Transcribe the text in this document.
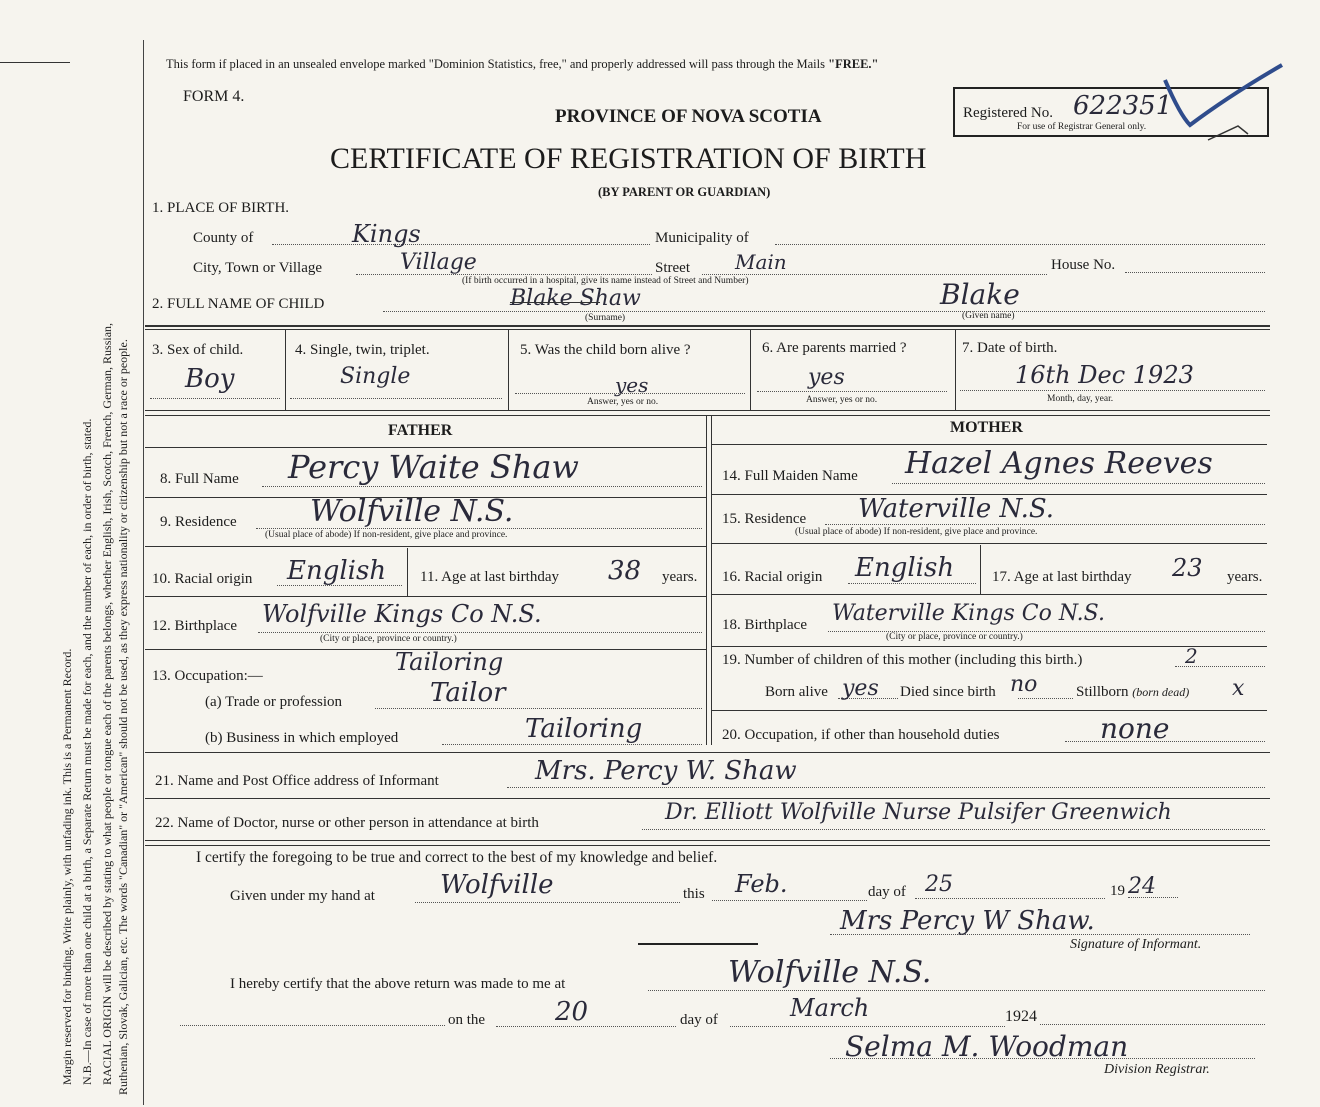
Margin reserved for binding. Write plainly, with unfading ink. This is a Permanent Record. N.B.—In case of more than one child at a birth, a Separate Return must be made for each, and the number of each, in order of birth, stated. RACIAL ORIGIN will be described by stating to what people or tongue each of the parents belongs, whether English, Irish, Scotch, French, German, Russian, Ruthenian, Slovak, Galician, etc. The words "Canadian" or "American" should not be used, as they express nationality or citizenship but not a race or people.
This form if placed in an unsealed envelope marked "Dominion Statistics, free," and properly addressed will pass through the Mails "FREE."
FORM 4.
PROVINCE OF NOVA SCOTIA
CERTIFICATE OF REGISTRATION OF BIRTH
(BY PARENT OR GUARDIAN)
Registered No. 622351
For use of Registrar General only.
1. PLACE OF BIRTH.
County of	Kings	Municipality of
City, Town or Village	Village
(If birth occurred in a hospital, give its name instead of Street and Number)
Street Main	House No.
2. FULL NAME OF CHILD	Blake Shaw
(Surname)
Blake
(Given name)
3. Sex of child.
Boy
4. Single, twin, triplet.
Single
5. Was the child born alive ?
yes
Answer, yes or no.
6. Are parents married ?
yes
Answer, yes or no.
7. Date of birth.
16th Dec 1923
Month, day, year.
FATHER	MOTHER
8. Full Name Percy Waite Shaw
9. Residence Wolfville N.S.
(Usual place of abode) If non-resident, give place and province.
10. Racial origin English 11. Age at last birthday 38 years.
12. Birthplace Wolfville Kings Co N.S.
(City or place, province or country.)
13. Occupation:—	Tailoring
(a) Trade or profession	Tailor
(b) Business in which employed	Tailoring
14. Full Maiden Name Hazel Agnes Reeves
15. Residence Waterville N.S.
(Usual place of abode) If non-resident, give place and province.
16. Racial origin English	17. Age at last birthday 23 years.
18. Birthplace Waterville Kings Co N.S.
(City or place, province or country.)
19. Number of children of this mother (including this birth.)	2
Born alive yes Died since birth no	Stillborn (born dead) x
20. Occupation, if other than household duties	none
21. Name and Post Office address of Informant	Mrs. Percy W. Shaw
22. Name of Doctor, nurse or other person in attendance at birth	Dr. Elliott Wolfville Nurse Pulsifer Greenwich
I certify the foregoing to be true and correct to the best of my knowledge and belief.
Given under my hand at	Wolfville	this Feb.	day of 25	19 24
Mrs Percy W Shaw.
Signature of Informant.
I hereby certify that the above return was made to me at	Wolfville N.S.
on the	20	day of	March	1924
Selma M. Woodman
Division Registrar.
